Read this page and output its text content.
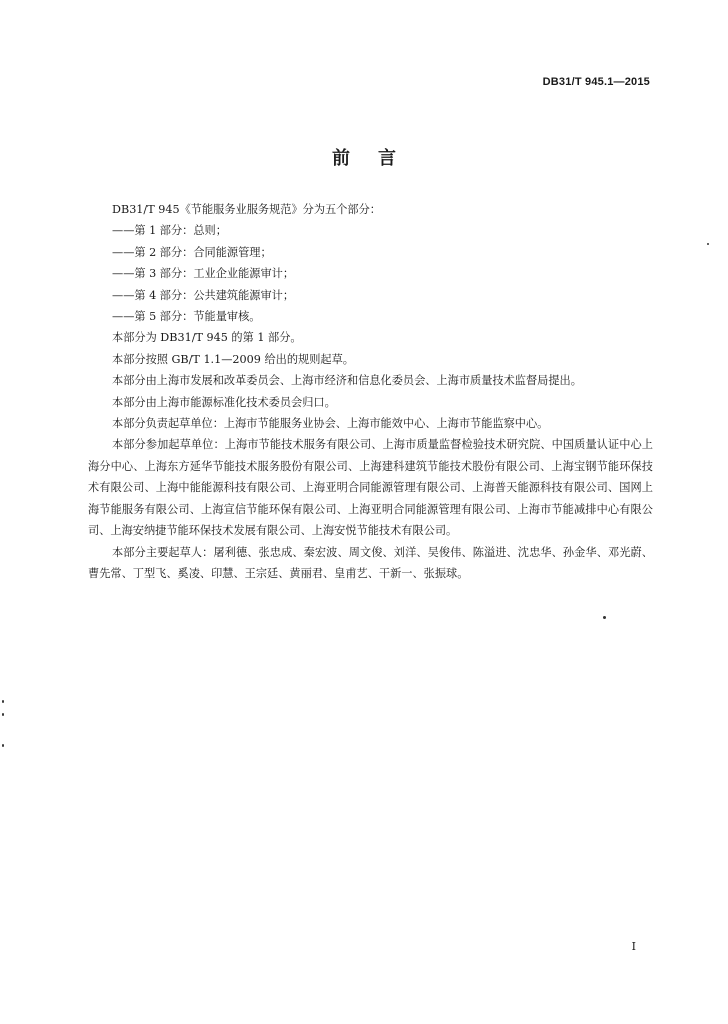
DB31/T 945.1—2015
前言

DB31/T 945《节能服务业服务规范》分为五个部分：

——第 1 部分：总则；

——第 2 部分：合同能源管理；

——第 3 部分：工业企业能源审计；

——第 4 部分：公共建筑能源审计；

——第 5 部分：节能量审核。

本部分为 DB31/T 945 的第 1 部分。

本部分按照 GB/T 1.1—2009 给出的规则起草。

本部分由上海市发展和改革委员会、上海市经济和信息化委员会、上海市质量技术监督局提出。

本部分由上海市能源标准化技术委员会归口。

本部分负责起草单位：上海市节能服务业协会、上海市能效中心、上海市节能监察中心。

本部分参加起草单位：上海市节能技术服务有限公司、上海市质量监督检验技术研究院、中国质量认证中心上海分中心、上海东方延华节能技术服务股份有限公司、上海建科建筑节能技术股份有限公司、上海宝钢节能环保技术有限公司、上海中能能源科技有限公司、上海亚明合同能源管理有限公司、上海普天能源科技有限公司、国网上海节能服务有限公司、上海宣信节能环保有限公司、上海亚明合同能源管理有限公司、上海市节能减排中心有限公司、上海安纳捷节能环保技术发展有限公司、上海安悦节能技术有限公司。

本部分主要起草人：屠利德、张忠成、秦宏波、周文俊、刘洋、吴俊伟、陈溢进、沈忠华、孙金华、邓光蔚、曹先常、丁型飞、奚凌、印慧、王宗廷、黄丽君、皇甫艺、干新一、张振球。

I
